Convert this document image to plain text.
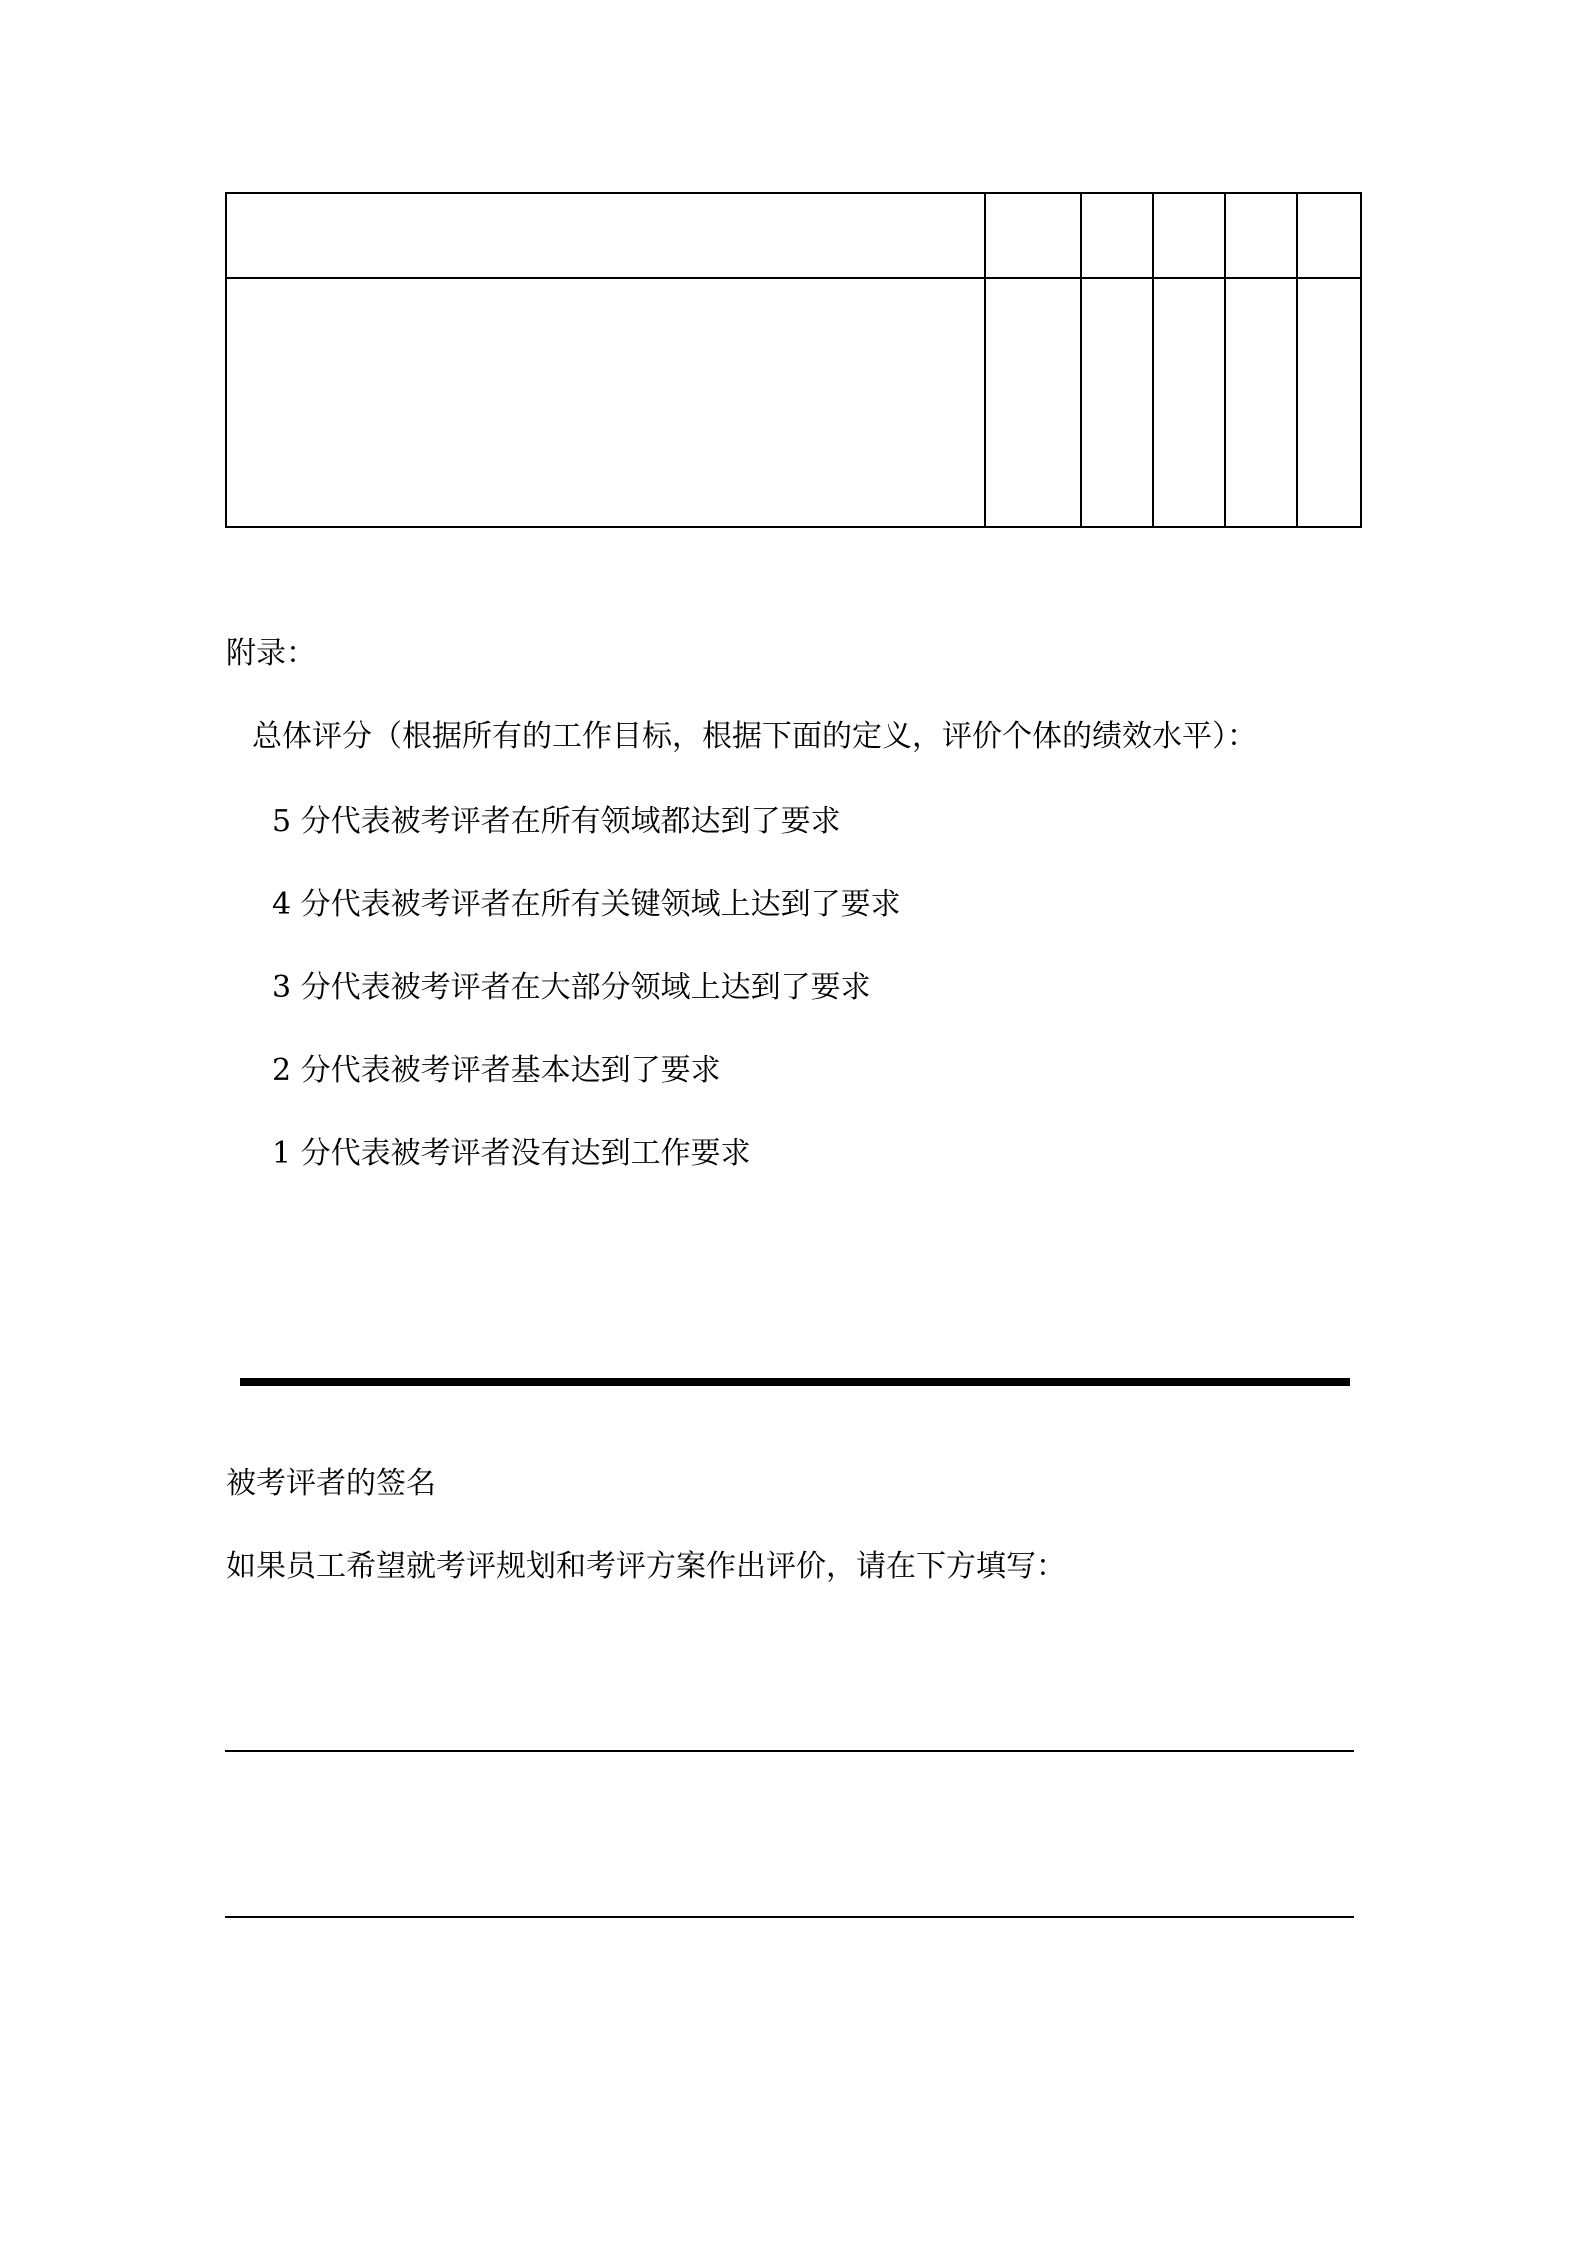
附录：
总体评分（根据所有的工作目标，根据下面的定义，评价个体的绩效水平）：
5 分代表被考评者在所有领域都达到了要求
4 分代表被考评者在所有关键领域上达到了要求
3 分代表被考评者在大部分领域上达到了要求
2 分代表被考评者基本达到了要求
1 分代表被考评者没有达到工作要求
被考评者的签名
如果员工希望就考评规划和考评方案作出评价，请在下方填写：
